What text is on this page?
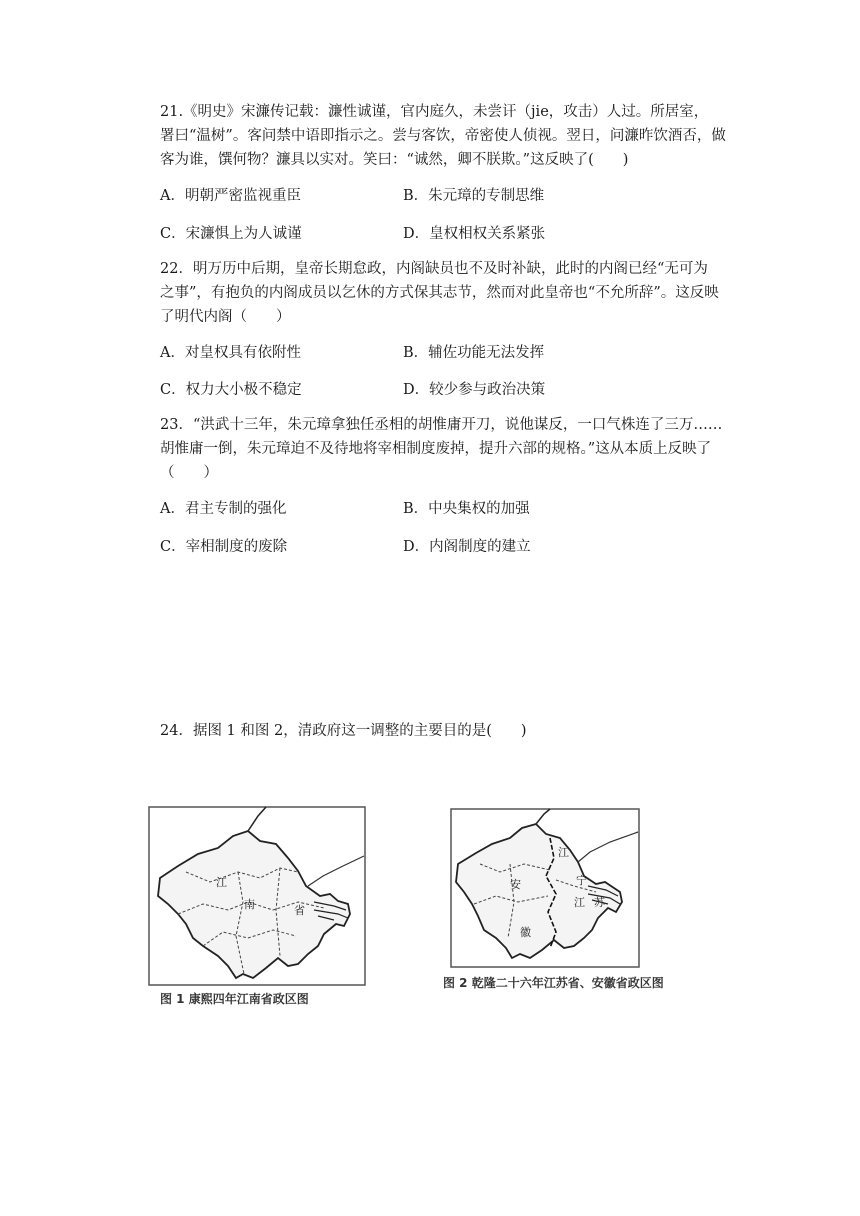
21.《明史》宋濂传记载：濂性诚谨，官内庭久，未尝讦（jie，攻击）人过。所居室，
署曰“温树”。客问禁中语即指示之。尝与客饮，帝密使人侦视。翌日，问濂昨饮酒否，做
客为谁，馔何物？濂具以实对。笑曰：“诚然，卿不朕欺。”这反映了(　　)

A．明朝严密监视重臣	B．朱元璋的专制思维

C．宋濂惧上为人诚谨	D．皇权相权关系紧张

22．明万历中后期，皇帝长期怠政，内阁缺员也不及时补缺，此时的内阁已经“无可为
之事”，有抱负的内阁成员以乞休的方式保其志节，然而对此皇帝也“不允所辞”。这反映
了明代内阁（　　）

A．对皇权具有依附性	B．辅佐功能无法发挥

C．权力大小极不稳定	D．较少参与政治决策

23．“洪武十三年，朱元璋拿独任丞相的胡惟庸开刀，说他谋反，一口气株连了三万……
胡惟庸一倒，朱元璋迫不及待地将宰相制度废掉，提升六部的规格。”这从本质上反映了
（　　）

A．君主专制的强化	B．中央集权的加强

C．宰相制度的废除	D．内阁制度的建立

24．据图 1 和图 2，清政府这一调整的主要目的是(　　)

江
南	省
图 1 康熙四年江南省政区图
安
徽
江
宁
江 苏
图 2 乾隆二十六年江苏省、安徽省政区图
